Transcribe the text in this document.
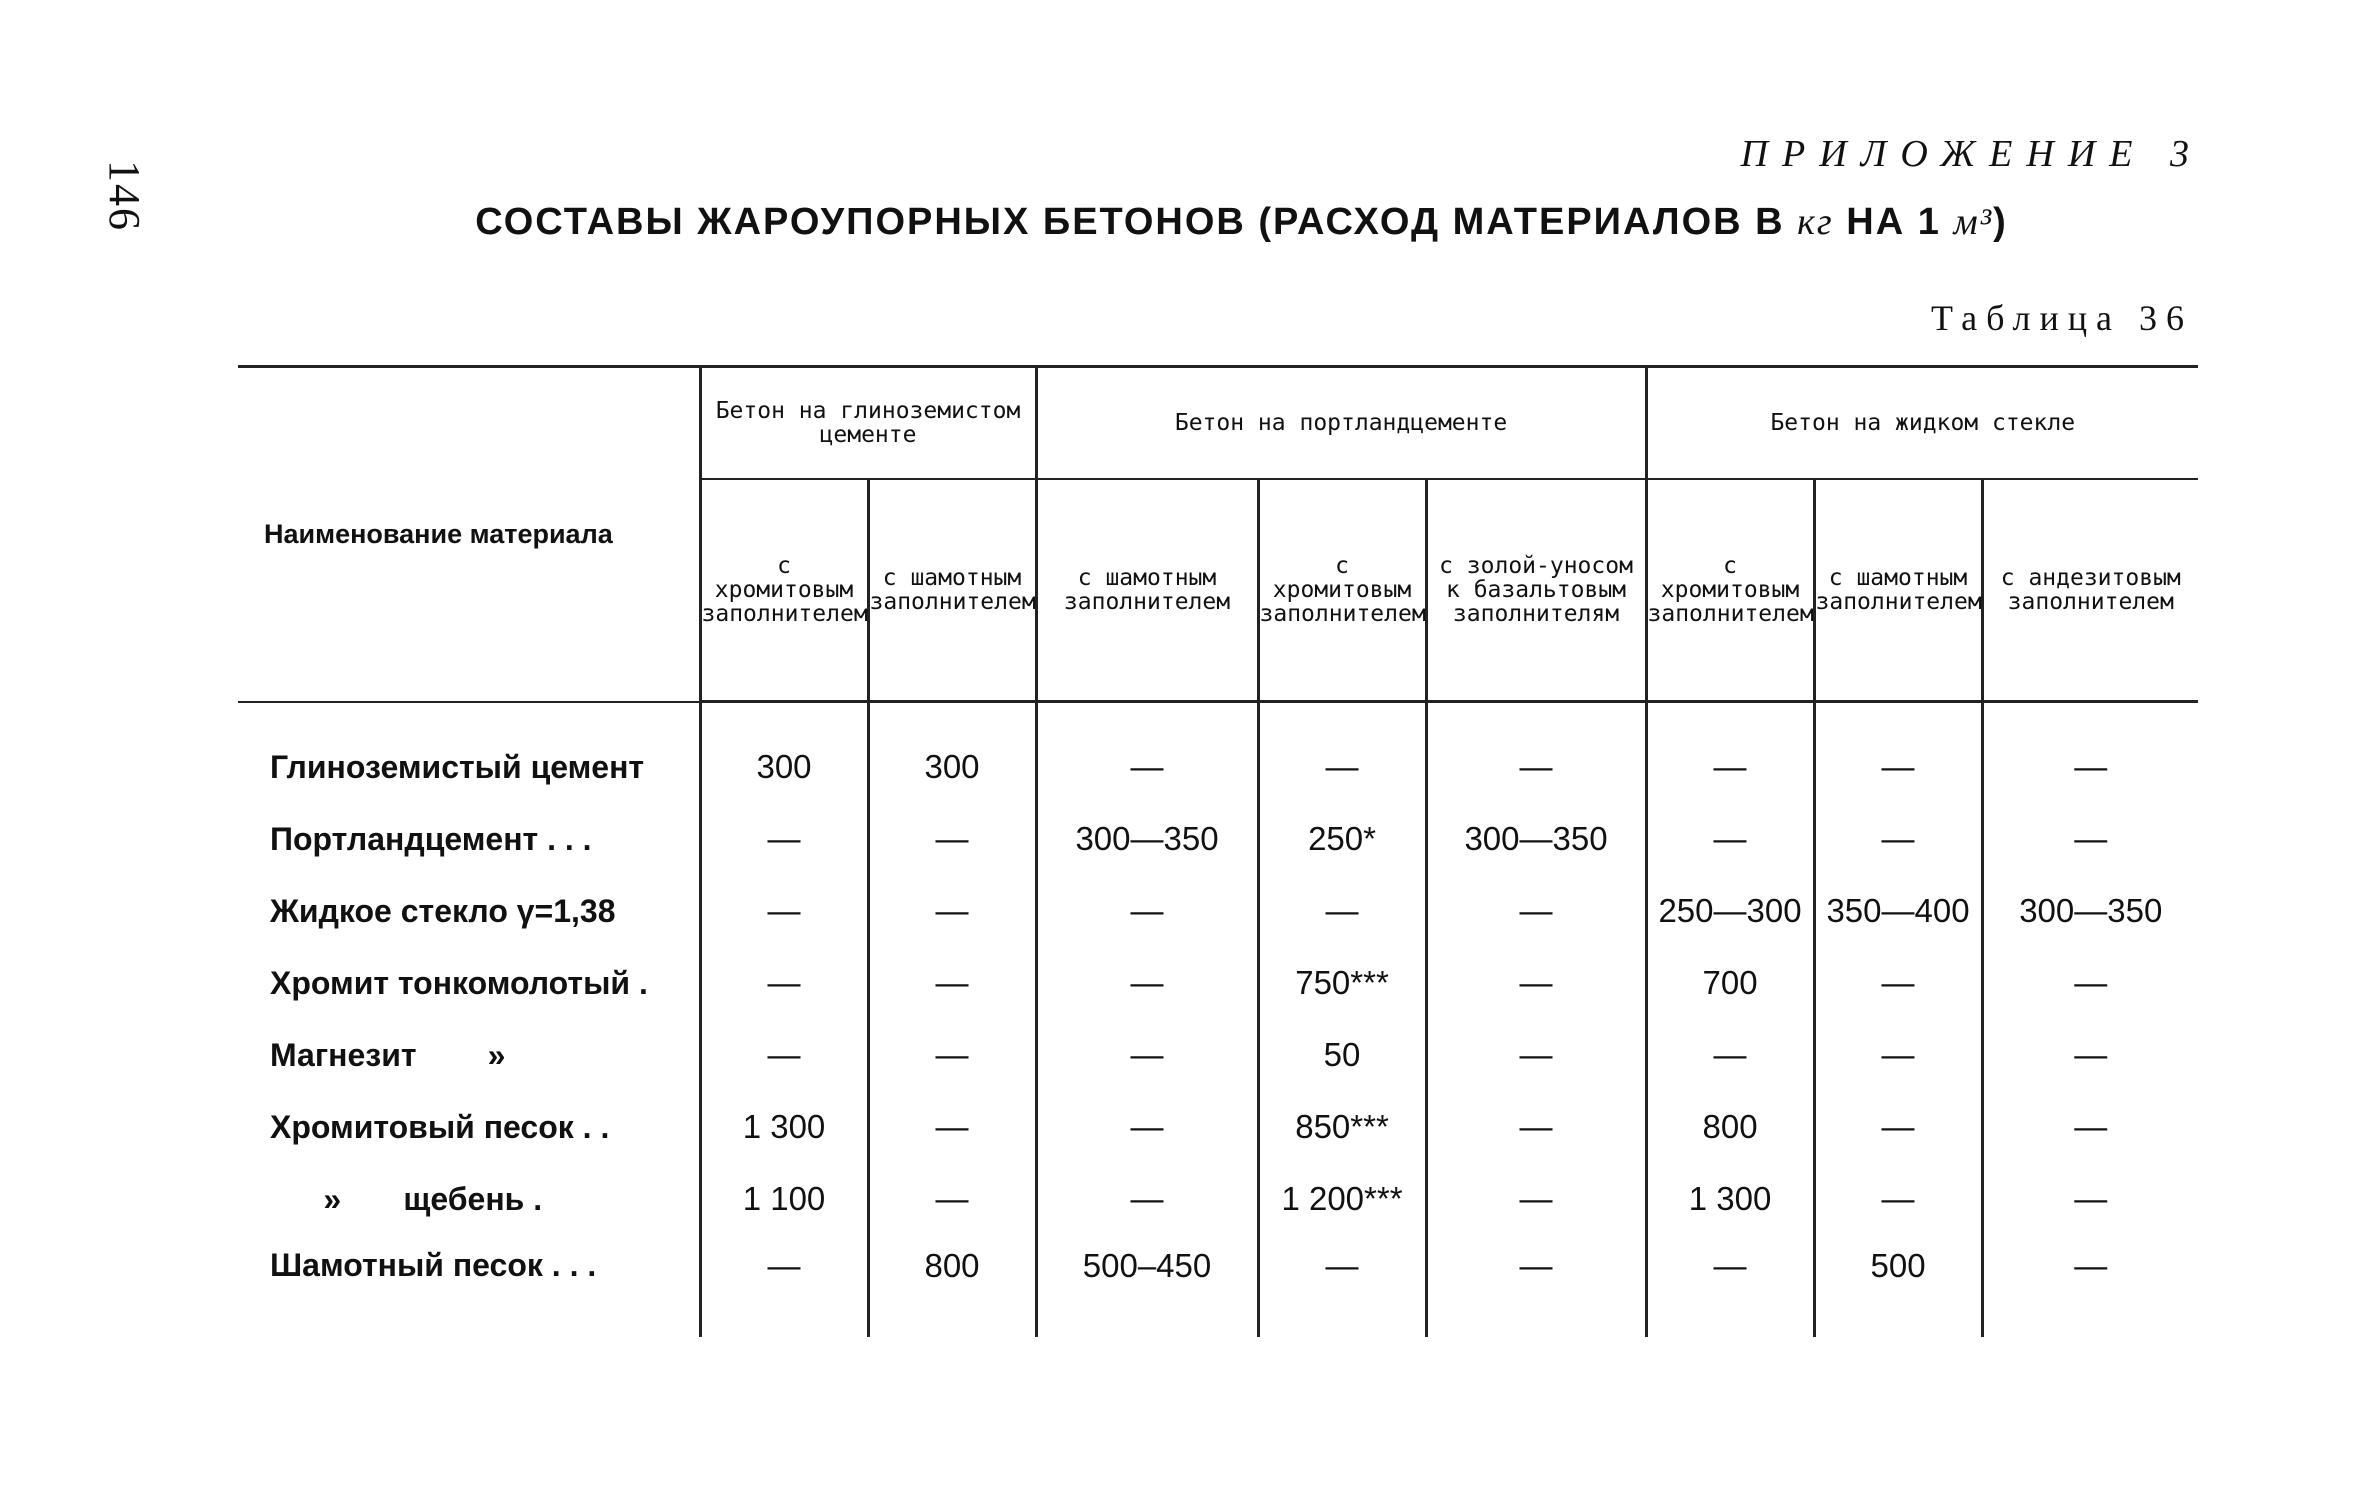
146
ПРИЛОЖЕНИЕ 3
СОСТАВЫ ЖАРОУПОРНЫХ БЕТОНОВ (РАСХОД МАТЕРИАЛОВ В кг НА 1 м³)
Таблица 36
Наименование материала	Бетон на глиноземистом цементе		Бетон на портландцементе			Бетон на жидком стекле		
	с хромитовым заполнителем	с шамотным заполнителем	с шамотным заполнителем	с хромитовым заполнителем	с золой-уносом к базальтовым заполнителям	с хромитовым заполнителем	с шамотным заполнителем	с андезитовым заполнителем

Глиноземистый цемент	300	300	—	—	—	—	—	—
Портландцемент . . .	—	—	300—350	250*	300—350	—	—	—
Жидкое стекло γ=1,38	—	—	—	—	—	250—300	350—400	300—350
Хромит тонкомолотый .	—	—	—	750***	—	700	—	—
Магнезит        »	—	—	—	50	—	—	—	—
Хромитовый песок . .	1 300	—	—	850***	—	800	—	—
»       щебень .	1 100	—	—	1 200***	—	1 300	—	—
Шамотный песок . . .	—	800	500–450	—	—	—	500	—
